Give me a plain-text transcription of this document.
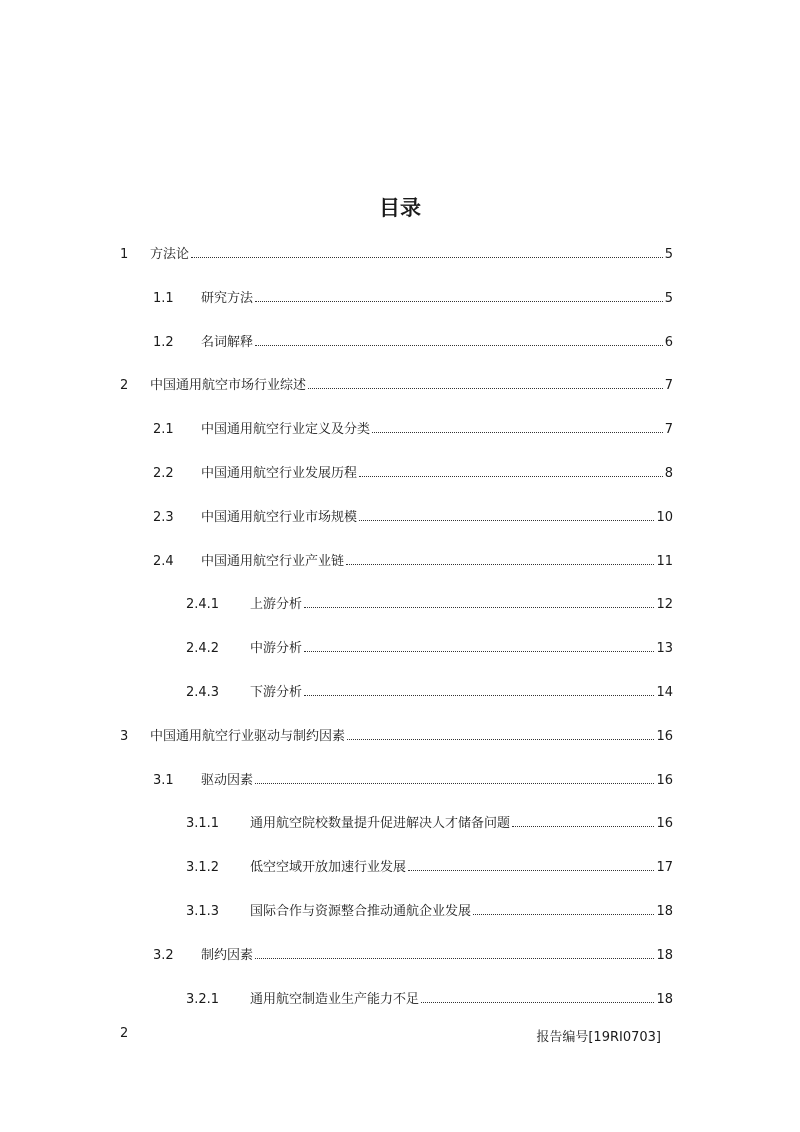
目录
1	方法论	5
1.1	研究方法	5
1.2	名词解释	6
2	中国通用航空市场行业综述	7
2.1	中国通用航空行业定义及分类	7
2.2	中国通用航空行业发展历程	8
2.3	中国通用航空行业市场规模	10
2.4	中国通用航空行业产业链	11
2.4.1	上游分析	12
2.4.2	中游分析	13
2.4.3	下游分析	14
3	中国通用航空行业驱动与制约因素	16
3.1	驱动因素	16
3.1.1	通用航空院校数量提升促进解决人才储备问题	16
3.1.2	低空空域开放加速行业发展	17
3.1.3	国际合作与资源整合推动通航企业发展	18
3.2	制约因素	18
3.2.1	通用航空制造业生产能力不足	18
2	报告编号[19RI0703]
